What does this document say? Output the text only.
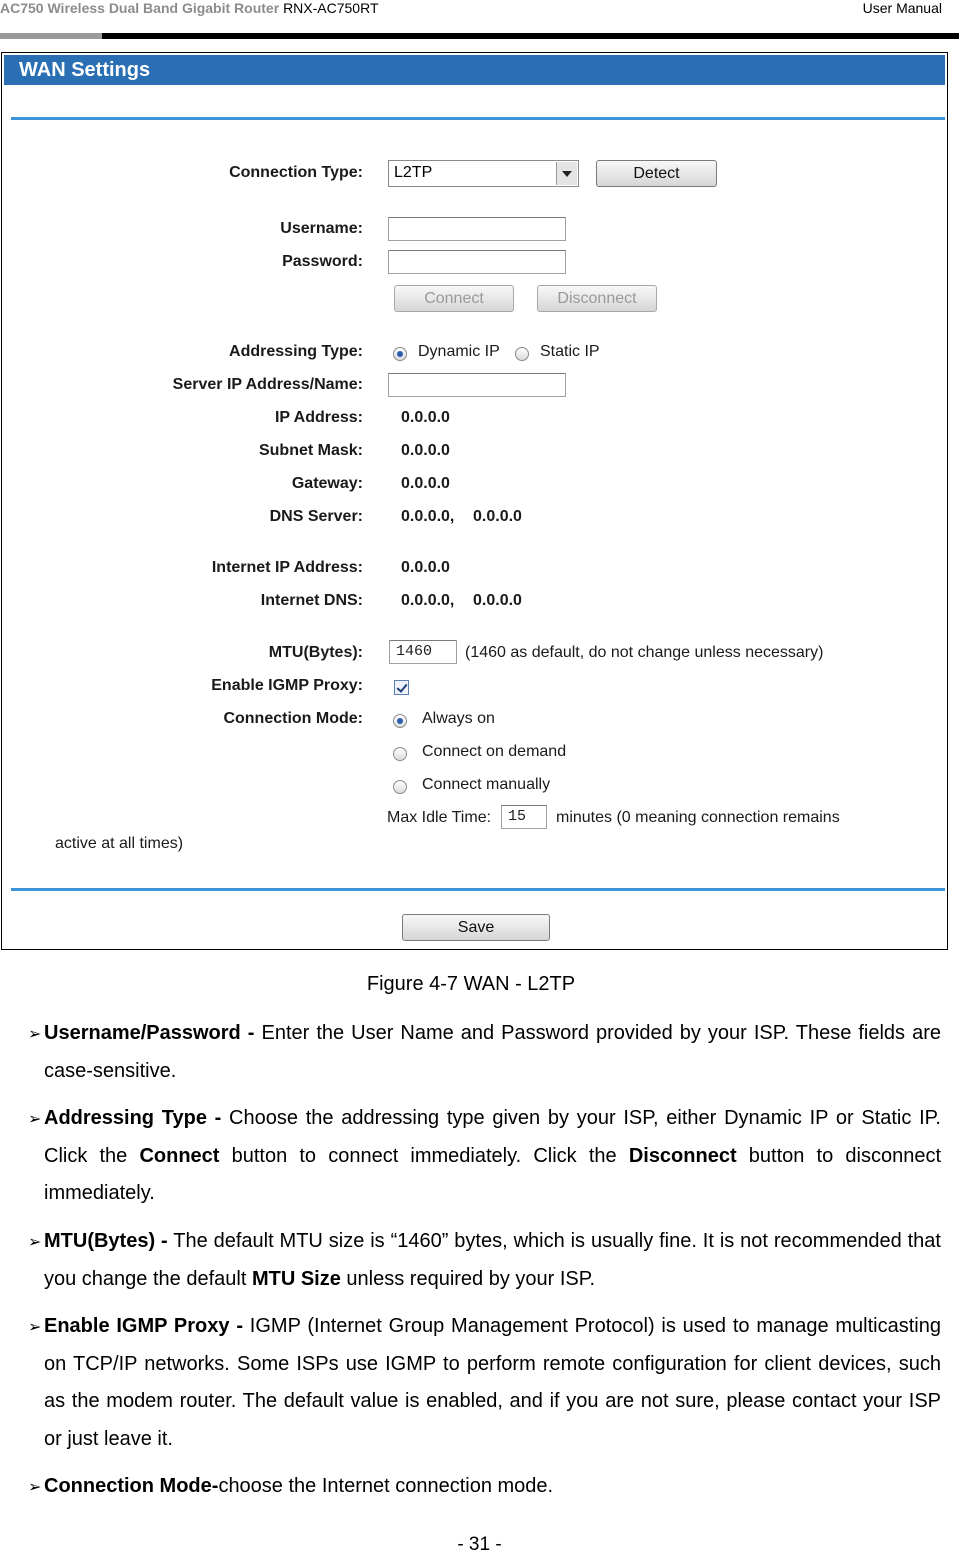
AC750 Wireless Dual Band Gigabit Router RNX-AC750RT	User Manual
WAN Settings
Connection Type: L2TP	Detect
Username:
Password:
Connect	Disconnect
Addressing Type:	Dynamic IP	Static IP
Server IP Address/Name:
IP Address: 0.0.0.0
Subnet Mask: 0.0.0.0
Gateway: 0.0.0.0
DNS Server: 0.0.0.0, 0.0.0.0
Internet IP Address: 0.0.0.0
Internet DNS: 0.0.0.0, 0.0.0.0
MTU(Bytes):	1460	(1460 as default, do not change unless necessary)
Enable IGMP Proxy:
Connection Mode:	Always on
Connect on demand
Connect manually
Max Idle Time:	15	minutes (0 meaning connection remains
active at all times)
Save
Figure 4-7 WAN - L2TP
➢ Username/Password - Enter the User Name and Password provided by your ISP. These fields are case-sensitive.
➢ Addressing Type - Choose the addressing type given by your ISP, either Dynamic IP or Static IP. Click the Connect button to connect immediately. Click the Disconnect button to disconnect immediately.
➢ MTU(Bytes) - The default MTU size is “1460” bytes, which is usually fine. It is not recommended that you change the default MTU Size unless required by your ISP.
➢ Enable IGMP Proxy - IGMP (Internet Group Management Protocol) is used to manage multicasting on TCP/IP networks. Some ISPs use IGMP to perform remote configuration for client devices, such as the modem router. The default value is enabled, and if you are not sure, please contact your ISP or just leave it.
➢ Connection Mode-choose the Internet connection mode.
- 31 -
